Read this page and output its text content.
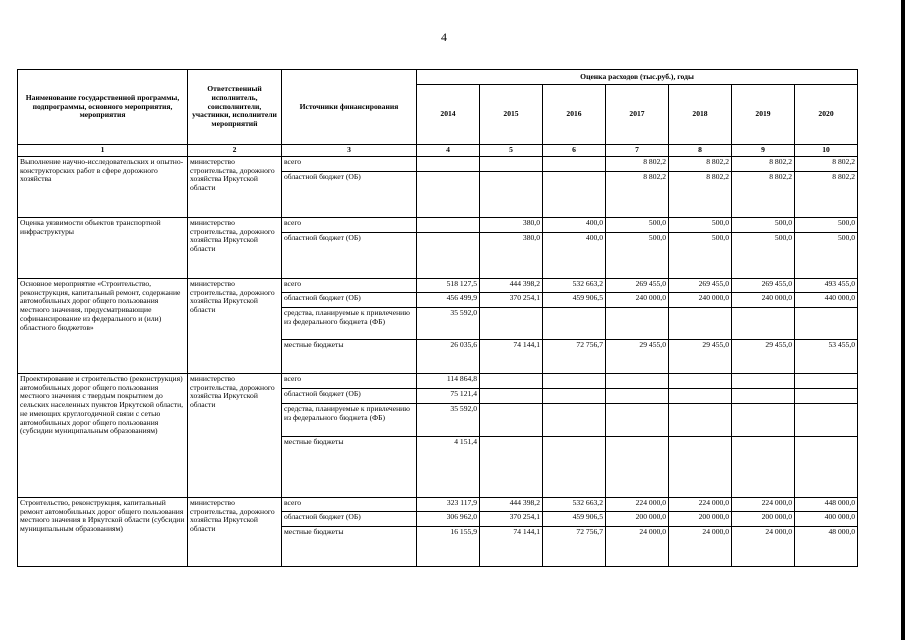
4
Наименование государственной программы, подпрограммы, основного мероприятия, мероприятия	Ответственный исполнитель, соисполнители, участники, исполнители мероприятий	Источники финансирования	Оценка расходов (тыс.руб.), годы						
			2014	2015	2016	2017	2018	2019	2020
1	2	3	4	5	6	7	8	9	10
Выполнение научно-исследовательских и опытно-конструкторских работ в сфере дорожного хозяйства	министерство строительства, дорожного хозяйства Иркутской области	всего				8 802,2	8 802,2	8 802,2	8 802,2
		областной бюджет (ОБ)				8 802,2	8 802,2	8 802,2	8 802,2
Оценка уязвимости объектов транспортной инфраструктуры	министерство строительства, дорожного хозяйства Иркутской области	всего		380,0	400,0	500,0	500,0	500,0	500,0
		областной бюджет (ОБ)		380,0	400,0	500,0	500,0	500,0	500,0
Основное мероприятие «Строительство, реконструкция, капитальный ремонт, содержание автомобильных дорог общего пользования местного значения, предусматривающие софинансирование из федерального и (или) областного бюджетов»	министерство строительства, дорожного хозяйства Иркутской области	всего	518 127,5	444 398,2	532 663,2	269 455,0	269 455,0	269 455,0	493 455,0
		областной бюджет (ОБ)	456 499,9	370 254,1	459 906,5	240 000,0	240 000,0	240 000,0	440 000,0
		средства, планируемые к привлечению из федерального бюджета (ФБ)	35 592,0						
		местные бюджеты	26 035,6	74 144,1	72 756,7	29 455,0	29 455,0	29 455,0	53 455,0
Проектирование и строительство (реконструкция) автомобильных дорог общего пользования местного значения с твердым покрытием до сельских населенных пунктов Иркутской области, не имеющих круглогодичной связи с сетью автомобильных дорог общего пользования (субсидии муниципальным образованиям)	министерство строительства, дорожного хозяйства Иркутской области	всего	114 864,8						
		областной бюджет (ОБ)	75 121,4						
		средства, планируемые к привлечению из федерального бюджета (ФБ)	35 592,0						
		местные бюджеты	4 151,4						
Строительство, реконструкция, капитальный ремонт автомобильных дорог общего пользования местного значения в Иркутской области (субсидии муниципальным образованиям)	министерство строительства, дорожного хозяйства Иркутской области	всего	323 117,9	444 398,2	532 663,2	224 000,0	224 000,0	224 000,0	448 000,0
		областной бюджет (ОБ)	306 962,0	370 254,1	459 906,5	200 000,0	200 000,0	200 000,0	400 000,0
		местные бюджеты	16 155,9	74 144,1	72 756,7	24 000,0	24 000,0	24 000,0	48 000,0
